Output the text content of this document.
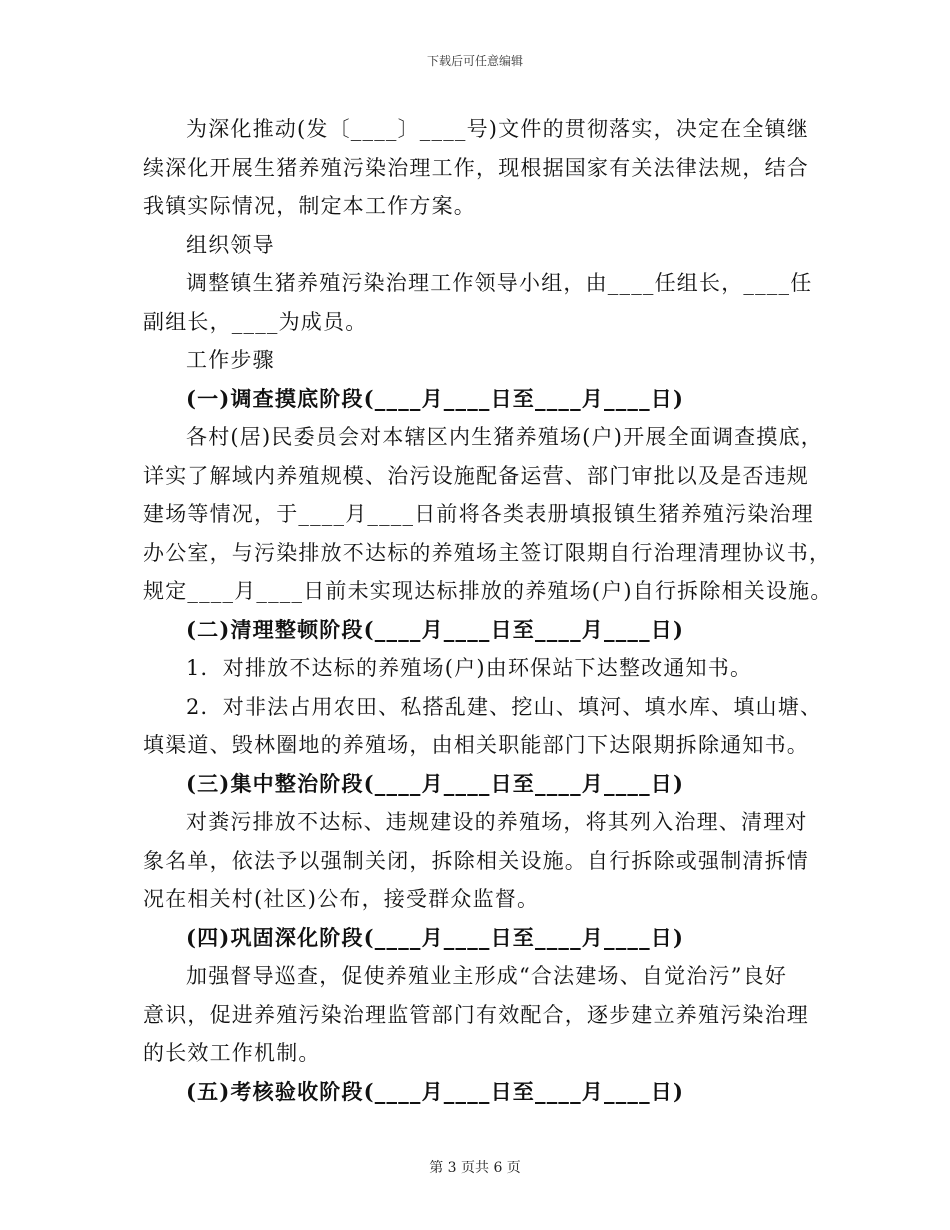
下载后可任意编辑
为深化推动(发〔____〕____号)文件的贯彻落实，决定在全镇继
续深化开展生猪养殖污染治理工作，现根据国家有关法律法规，结合
我镇实际情况，制定本工作方案。
组织领导
调整镇生猪养殖污染治理工作领导小组，由____任组长，____任
副组长，____为成员。
工作步骤
(一)调查摸底阶段(____月____日至____月____日)
各村(居)民委员会对本辖区内生猪养殖场(户)开展全面调查摸底，
详实了解域内养殖规模、治污设施配备运营、部门审批以及是否违规
建场等情况，于____月____日前将各类表册填报镇生猪养殖污染治理
办公室，与污染排放不达标的养殖场主签订限期自行治理清理协议书，
规定____月____日前未实现达标排放的养殖场(户)自行拆除相关设施。
(二)清理整顿阶段(____月____日至____月____日)
1．对排放不达标的养殖场(户)由环保站下达整改通知书。
2．对非法占用农田、私搭乱建、挖山、填河、填水库、填山塘、
填渠道、毁林圈地的养殖场，由相关职能部门下达限期拆除通知书。
(三)集中整治阶段(____月____日至____月____日)
对粪污排放不达标、违规建设的养殖场，将其列入治理、清理对
象名单，依法予以强制关闭，拆除相关设施。自行拆除或强制清拆情
况在相关村(社区)公布，接受群众监督。
(四)巩固深化阶段(____月____日至____月____日)
加强督导巡查，促使养殖业主形成“合法建场、自觉治污”良好
意识，促进养殖污染治理监管部门有效配合，逐步建立养殖污染治理
的长效工作机制。
(五)考核验收阶段(____月____日至____月____日)
第 3 页共 6 页
